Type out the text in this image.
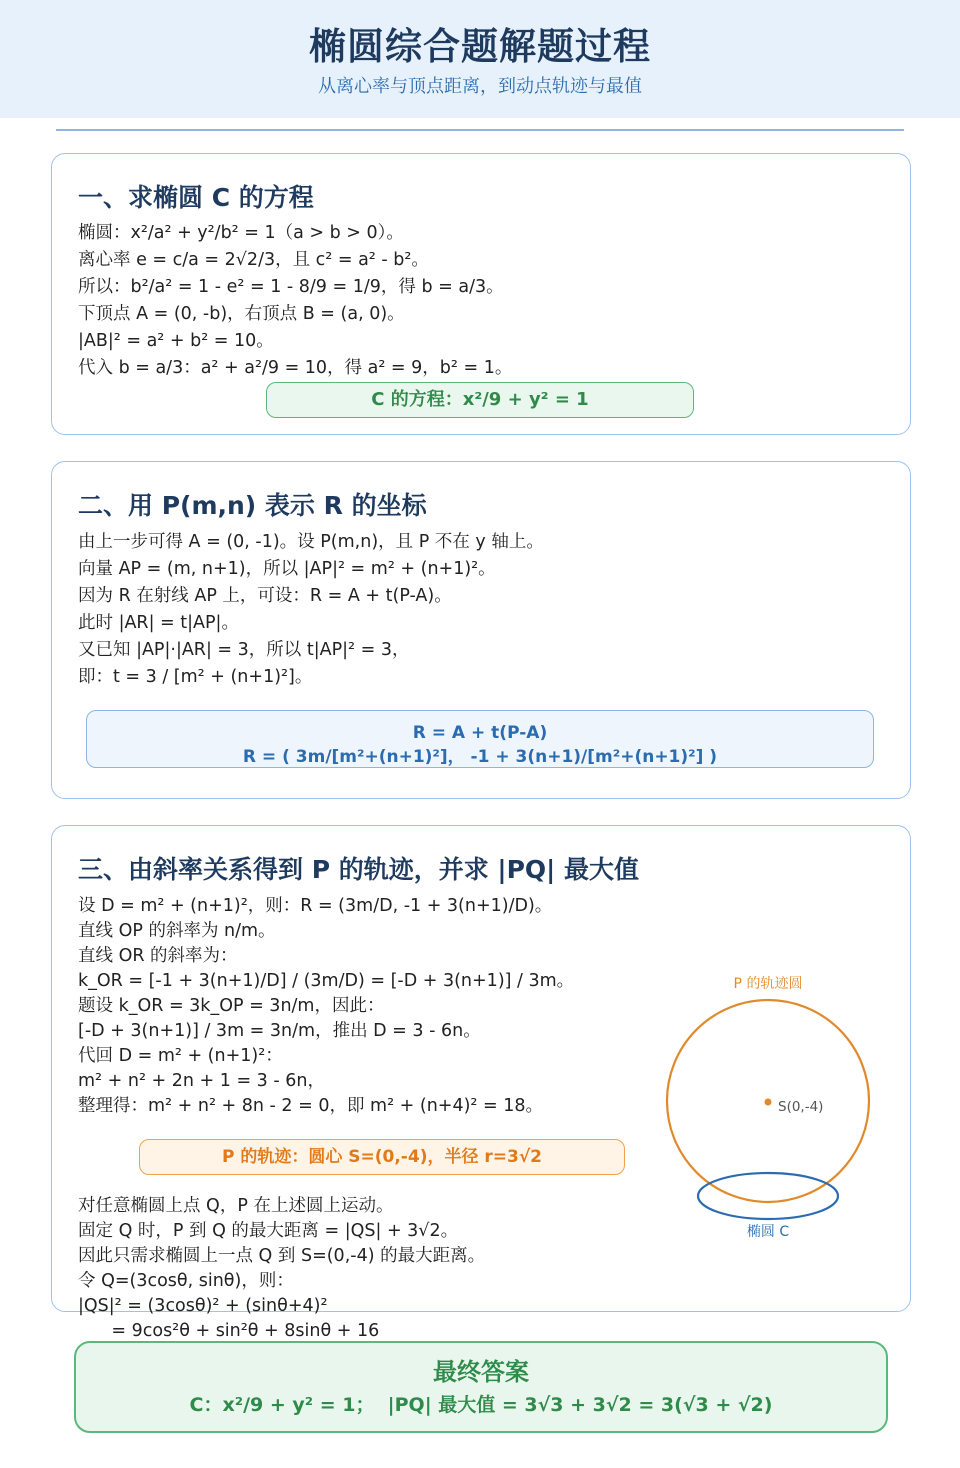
椭圆综合题解题过程
从离心率与顶点距离，到动点轨迹与最值
一、求椭圆 C 的方程
椭圆：x²/a² + y²/b² = 1（a > b > 0）。
离心率 e = c/a = 2√2/3，且 c² = a² - b²。
所以：b²/a² = 1 - e² = 1 - 8/9 = 1/9，得 b = a/3。
下顶点 A = (0, -b)，右顶点 B = (a, 0)。
|AB|² = a² + b² = 10。
代入 b = a/3：a² + a²/9 = 10，得 a² = 9，b² = 1。
C 的方程：x²/9 + y² = 1
二、用 P(m,n) 表示 R 的坐标
由上一步可得 A = (0, -1)。设 P(m,n)，且 P 不在 y 轴上。
向量 AP = (m, n+1)，所以 |AP|² = m² + (n+1)²。
因为 R 在射线 AP 上，可设：R = A + t(P-A)。
此时 |AR| = t|AP|。
又已知 |AP|·|AR| = 3，所以 t|AP|² = 3，
即：t = 3 / [m² + (n+1)²]。
R = A + t(P-A)
R = ( 3m/[m²+(n+1)²]， -1 + 3(n+1)/[m²+(n+1)²] )
三、由斜率关系得到 P 的轨迹，并求 |PQ| 最大值
设 D = m² + (n+1)²，则：R = (3m/D, -1 + 3(n+1)/D)。
直线 OP 的斜率为 n/m。
直线 OR 的斜率为：
k_OR = [-1 + 3(n+1)/D] / (3m/D) = [-D + 3(n+1)] / 3m。
题设 k_OR = 3k_OP = 3n/m，因此：
[-D + 3(n+1)] / 3m = 3n/m，推出 D = 3 - 6n。
代回 D = m² + (n+1)²：
m² + n² + 2n + 1 = 3 - 6n，
整理得：m² + n² + 8n - 2 = 0，即 m² + (n+4)² = 18。
P 的轨迹：圆心 S=(0,-4)，半径 r=3√2
对任意椭圆上点 Q，P 在上述圆上运动。
固定 Q 时，P 到 Q 的最大距离 = |QS| + 3√2。
因此只需求椭圆上一点 Q 到 S=(0,-4) 的最大距离。
令 Q=(3cosθ, sinθ)，则：
|QS|² = (3cosθ)² + (sinθ+4)²
= 9cos²θ + sin²θ + 8sinθ + 16
P 的轨迹圆
S(0,-4)
椭圆 C
最终答案
C：x²/9 + y² = 1；  |PQ| 最大值 = 3√3 + 3√2 = 3(√3 + √2)
